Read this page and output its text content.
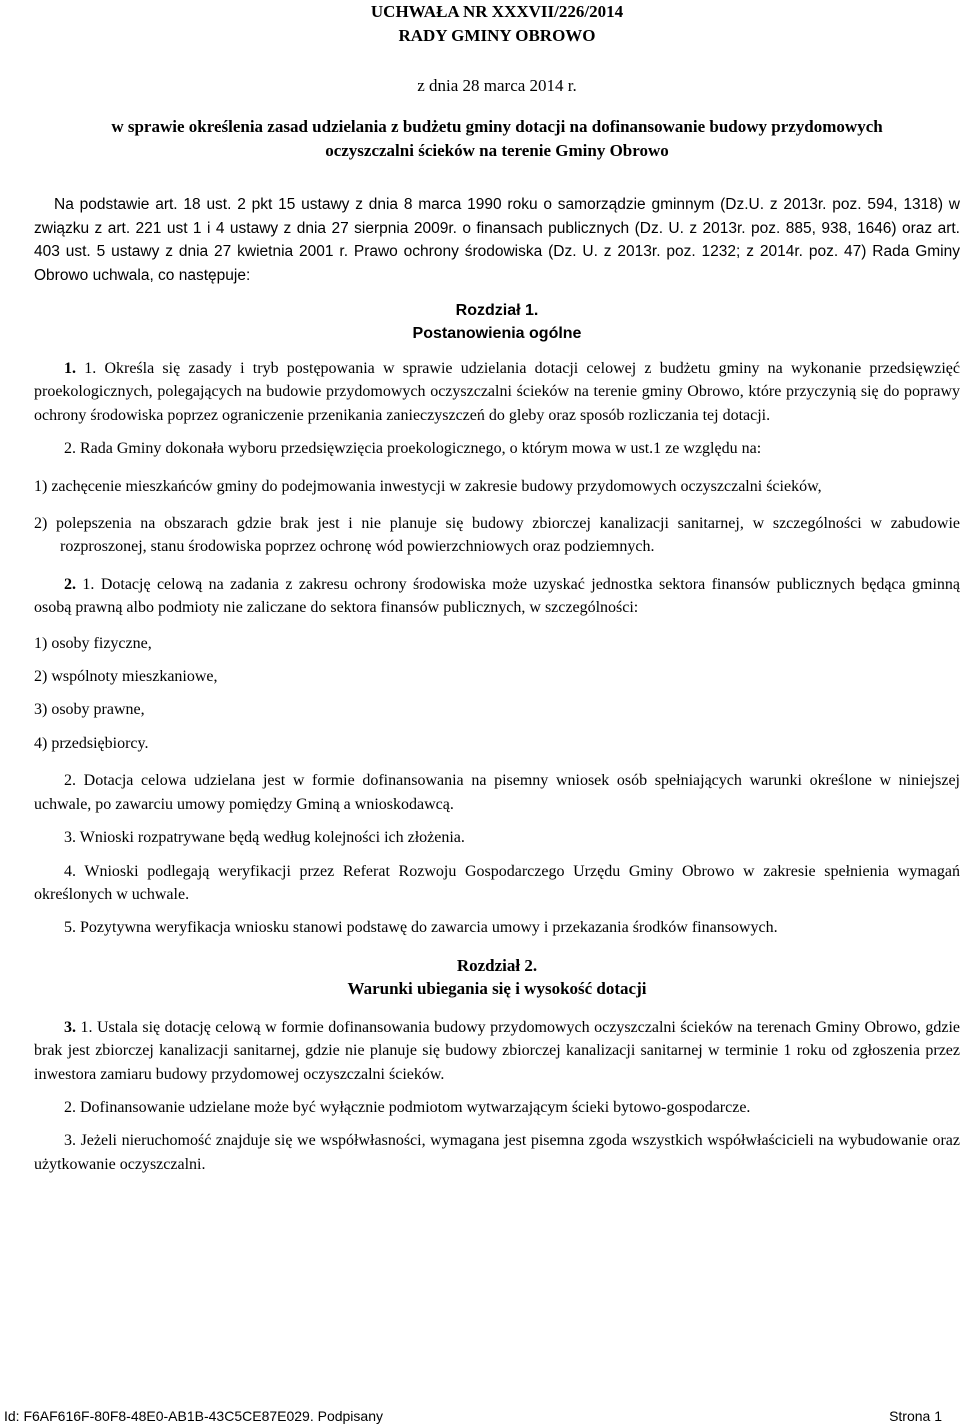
UCHWAŁA NR XXXVII/226/2014

RADY GMINY OBROWO

z dnia 28 marca 2014 r.

w sprawie określenia zasad udzielania z budżetu gminy dotacji na dofinansowanie budowy przydomowych

oczyszczalni ścieków na terenie Gminy Obrowo

Na podstawie art. 18 ust. 2 pkt 15 ustawy z dnia 8 marca 1990 roku o samorządzie gminnym (Dz.U. z 2013r. poz. 594, 1318) w związku z art. 221 ust 1 i 4 ustawy z dnia 27 sierpnia 2009r. o finansach publicznych (Dz. U. z 2013r. poz. 885, 938, 1646) oraz art. 403 ust. 5 ustawy z dnia 27 kwietnia 2001 r. Prawo ochrony środowiska (Dz. U. z 2013r. poz. 1232; z 2014r. poz. 47) Rada Gminy Obrowo uchwala, co następuje:

Rozdział 1.

Postanowienia ogólne

1. 1. Określa się zasady i tryb postępowania w sprawie udzielania dotacji celowej z budżetu gminy na wykonanie przedsięwzięć proekologicznych, polegających na budowie przydomowych oczyszczalni ścieków na terenie gminy Obrowo, które przyczynią się do poprawy ochrony środowiska poprzez ograniczenie przenikania zanieczyszczeń do gleby oraz sposób rozliczania tej dotacji.

2. Rada Gminy dokonała wyboru przedsięwzięcia proekologicznego, o którym mowa w ust.1 ze względu na:

1) zachęcenie mieszkańców gminy do podejmowania inwestycji w zakresie budowy przydomowych oczyszczalni ścieków,

2) polepszenia na obszarach gdzie brak jest i nie planuje się budowy zbiorczej kanalizacji sanitarnej, w szczególności w zabudowie rozproszonej, stanu środowiska poprzez ochronę wód powierzchniowych oraz podziemnych.

2. 1. Dotację celową na zadania z zakresu ochrony środowiska może uzyskać jednostka sektora finansów publicznych będąca gminną osobą prawną albo podmioty nie zaliczane do sektora finansów publicznych, w szczególności:

1) osoby fizyczne,

2) wspólnoty mieszkaniowe,

3) osoby prawne,

4) przedsiębiorcy.

2. Dotacja celowa udzielana jest w formie dofinansowania na pisemny wniosek osób spełniających warunki określone w niniejszej uchwale, po zawarciu umowy pomiędzy Gminą a wnioskodawcą.

3. Wnioski rozpatrywane będą według kolejności ich złożenia.

4. Wnioski podlegają weryfikacji przez Referat Rozwoju Gospodarczego Urzędu Gminy Obrowo w zakresie spełnienia wymagań określonych w uchwale.

5. Pozytywna weryfikacja wniosku stanowi podstawę do zawarcia umowy i przekazania środków finansowych.

Rozdział 2.

Warunki ubiegania się i wysokość dotacji

3. 1. Ustala się dotację celową w formie dofinansowania budowy przydomowych oczyszczalni ścieków na terenach Gminy Obrowo, gdzie brak jest zbiorczej kanalizacji sanitarnej, gdzie nie planuje się budowy zbiorczej kanalizacji sanitarnej w terminie 1 roku od zgłoszenia przez inwestora zamiaru budowy przydomowej oczyszczalni ścieków.

2. Dofinansowanie udzielane może być wyłącznie podmiotom wytwarzającym ścieki bytowo-gospodarcze.

3. Jeżeli nieruchomość znajduje się we współwłasności, wymagana jest pisemna zgoda wszystkich współwłaścicieli na wybudowanie oraz użytkowanie oczyszczalni.

Id: F6AF616F-80F8-48E0-AB1B-43C5CE87E029. Podpisany	Strona 1
